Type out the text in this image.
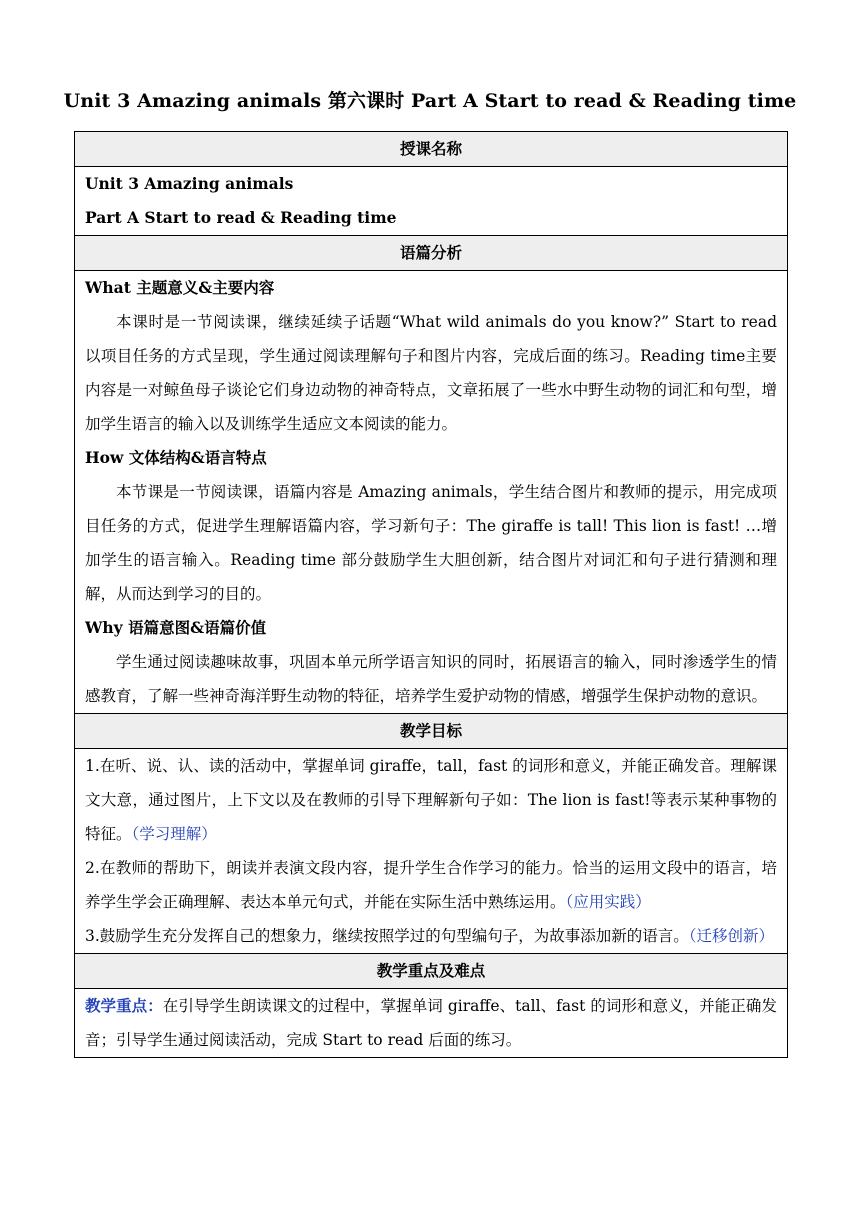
Unit 3 Amazing animals 第六课时 Part A Start to read & Reading time
授课名称

Unit 3 Amazing animals
Part A Start to read & Reading time

语篇分析

What 主题意义&主要内容
本课时是一节阅读课，继续延续子话题“What wild animals do you know?” Start to read 以项目任务的方式呈现，学生通过阅读理解句子和图片内容，完成后面的练习。Reading time主要内容是一对鲸鱼母子谈论它们身边动物的神奇特点，文章拓展了一些水中野生动物的词汇和句型，增加学生语言的输入以及训练学生适应文本阅读的能力。
How 文体结构&语言特点
本节课是一节阅读课，语篇内容是 Amazing animals，学生结合图片和教师的提示，用完成项目任务的方式，促进学生理解语篇内容，学习新句子：The giraffe is tall! This lion is fast! …增加学生的语言输入。Reading time 部分鼓励学生大胆创新，结合图片对词汇和句子进行猜测和理解，从而达到学习的目的。
Why 语篇意图&语篇价值
学生通过阅读趣味故事，巩固本单元所学语言知识的同时，拓展语言的输入，同时渗透学生的情感教育，了解一些神奇海洋野生动物的特征，培养学生爱护动物的情感，增强学生保护动物的意识。

教学目标

1.在听、说、认、读的活动中，掌握单词 giraffe，tall，fast 的词形和意义，并能正确发音。理解课文大意，通过图片，上下文以及在教师的引导下理解新句子如：The lion is fast!等表示某种事物的特征。（学习理解）
2.在教师的帮助下，朗读并表演文段内容，提升学生合作学习的能力。恰当的运用文段中的语言，培养学生学会正确理解、表达本单元句式，并能在实际生活中熟练运用。（应用实践）
3.鼓励学生充分发挥自己的想象力，继续按照学过的句型编句子，为故事添加新的语言。（迁移创新）

教学重点及难点

教学重点：在引导学生朗读课文的过程中，掌握单词 giraffe、tall、fast 的词形和意义，并能正确发音；引导学生通过阅读活动，完成 Start to read 后面的练习。
